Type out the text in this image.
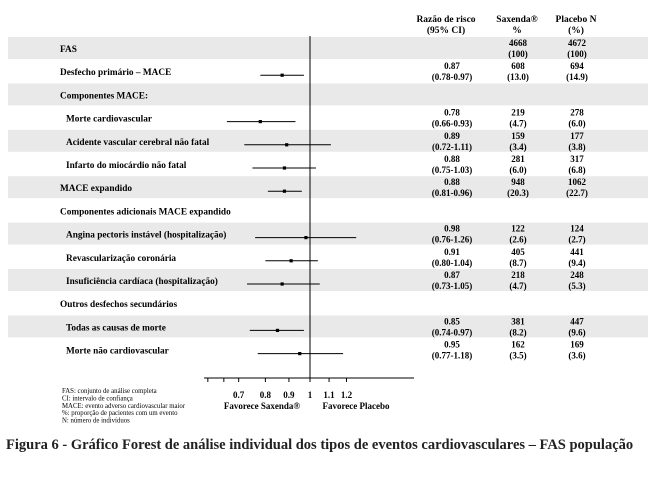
Razão de risco
(95% CI)
Saxenda®
%
Placebo N
(%)
FAS
4668
(100)
4672
(100)
Desfecho primário – MACE
0.87
(0.78-0.97)
608
(13.0)
694
(14.9)
Componentes MACE:
Morte cardiovascular
0.78
(0.66-0.93)
219
(4.7)
278
(6.0)
Acidente vascular cerebral não fatal
0.89
(0.72-1.11)
159
(3.4)
177
(3.8)
Infarto do miocárdio não fatal
0.88
(0.75-1.03)
281
(6.0)
317
(6.8)
MACE expandido
0.88
(0.81-0.96)
948
(20.3)
1062
(22.7)
Componentes adicionais MACE expandido
Angina pectoris instável (hospitalização)
0.98
(0.76-1.26)
122
(2.6)
124
(2.7)
Revascularização coronária
0.91
(0.80-1.04)
405
(8.7)
441
(9.4)
Insuficiência cardíaca (hospitalização)
0.87
(0.73-1.05)
218
(4.7)
248
(5.3)
Outros desfechos secundários
Todas as causas de morte
0.85
(0.74-0.97)
381
(8.2)
447
(9.6)
Morte não cardiovascular
0.95
(0.77-1.18)
162
(3.5)
169
(3.6)
0.7 0.8 0.9 1 1.1 1.2
Favorece Saxenda® Favorece Placebo
FAS: conjunto de análise completa
CI: intervalo de confiança
MACE: evento adverso cardiovascular maior
%: proporção de pacientes com um evento
N: número de indivíduos
Figura 6 - Gráfico Forest de análise individual dos tipos de eventos cardiovasculares – FAS população
